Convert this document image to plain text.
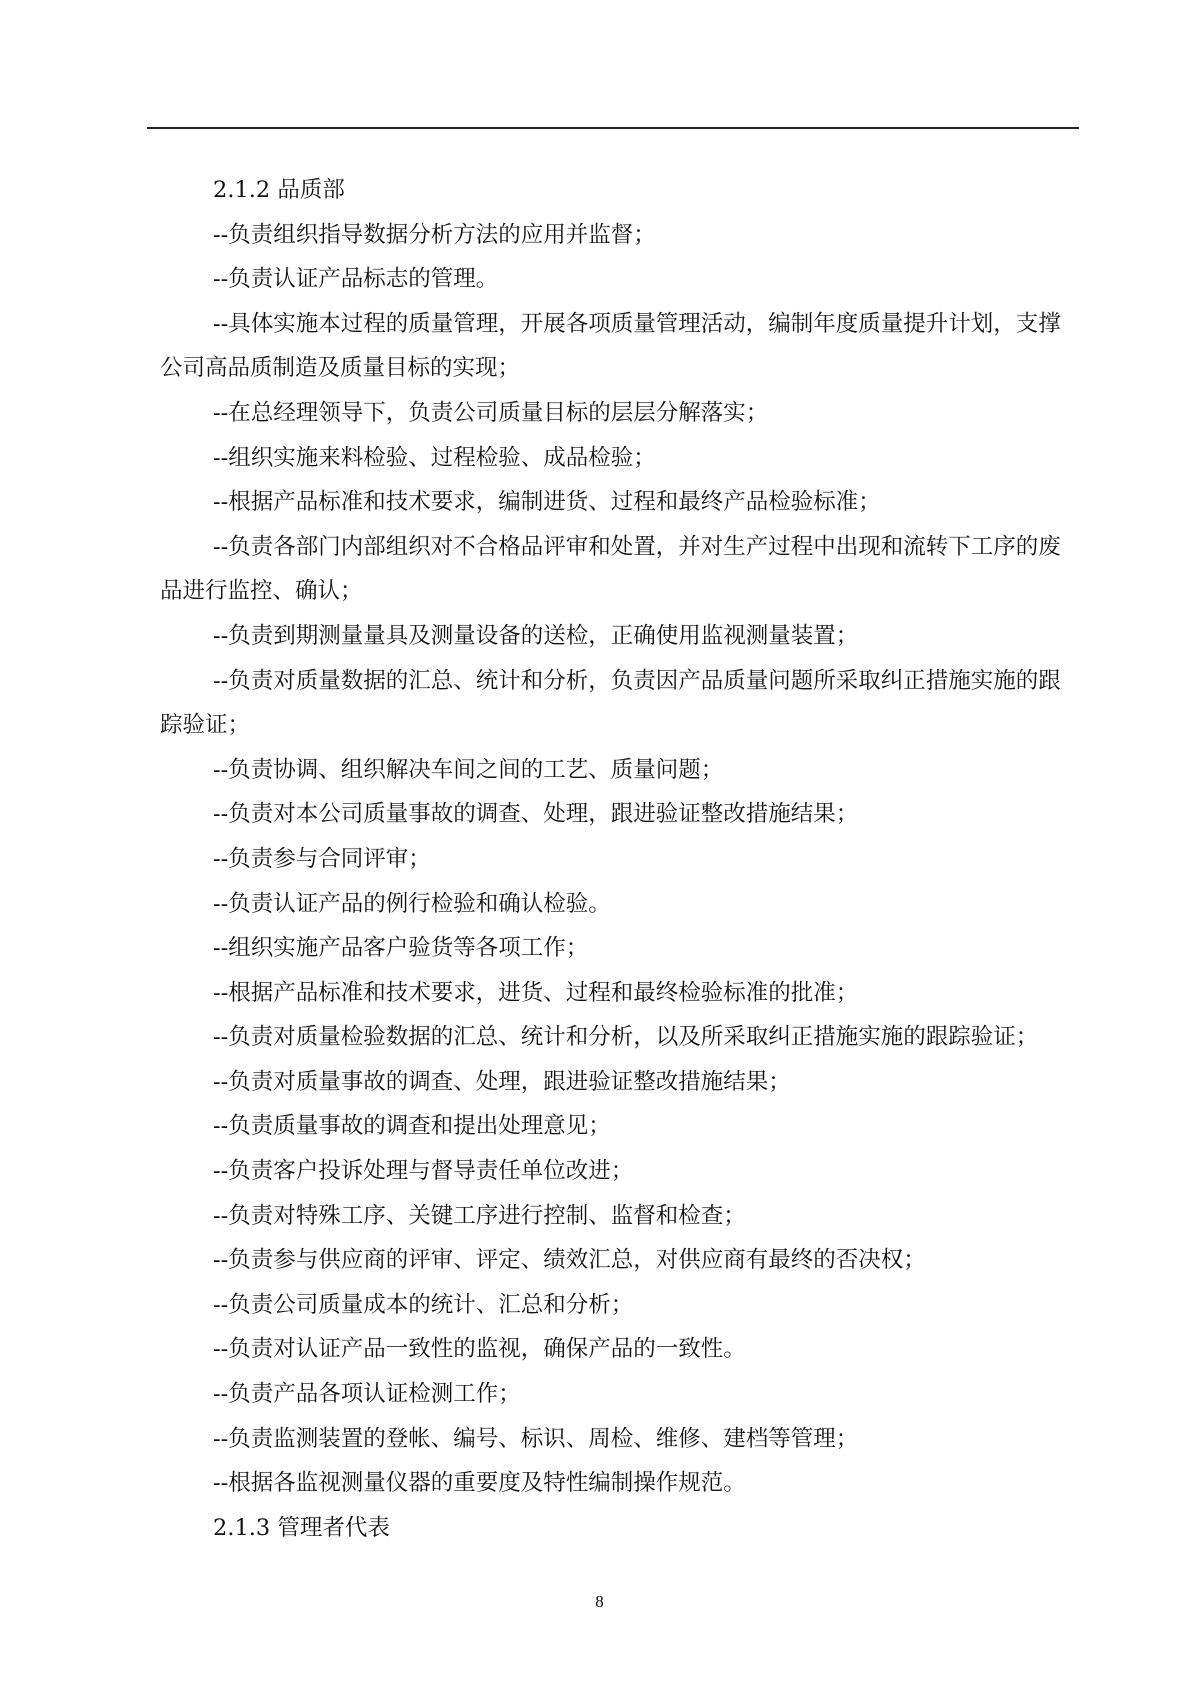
2.1.2 品质部

--负责组织指导数据分析方法的应用并监督；

--负责认证产品标志的管理。

--具体实施本过程的质量管理，开展各项质量管理活动，编制年度质量提升计划，支撑公司高品质制造及质量目标的实现；

--在总经理领导下，负责公司质量目标的层层分解落实；

--组织实施来料检验、过程检验、成品检验；

--根据产品标准和技术要求，编制进货、过程和最终产品检验标准；

--负责各部门内部组织对不合格品评审和处置，并对生产过程中出现和流转下工序的废品进行监控、确认；

--负责到期测量量具及测量设备的送检，正确使用监视测量装置；

--负责对质量数据的汇总、统计和分析，负责因产品质量问题所采取纠正措施实施的跟踪验证；

--负责协调、组织解决车间之间的工艺、质量问题；

--负责对本公司质量事故的调查、处理，跟进验证整改措施结果；

--负责参与合同评审；

--负责认证产品的例行检验和确认检验。

--组织实施产品客户验货等各项工作；

--根据产品标准和技术要求，进货、过程和最终检验标准的批准；

--负责对质量检验数据的汇总、统计和分析，以及所采取纠正措施实施的跟踪验证；

--负责对质量事故的调查、处理，跟进验证整改措施结果；

--负责质量事故的调查和提出处理意见；

--负责客户投诉处理与督导责任单位改进；

--负责对特殊工序、关键工序进行控制、监督和检查；

--负责参与供应商的评审、评定、绩效汇总，对供应商有最终的否决权；

--负责公司质量成本的统计、汇总和分析；

--负责对认证产品一致性的监视，确保产品的一致性。

--负责产品各项认证检测工作；

--负责监测装置的登帐、编号、标识、周检、维修、建档等管理；

--根据各监视测量仪器的重要度及特性编制操作规范。

2.1.3 管理者代表

8
